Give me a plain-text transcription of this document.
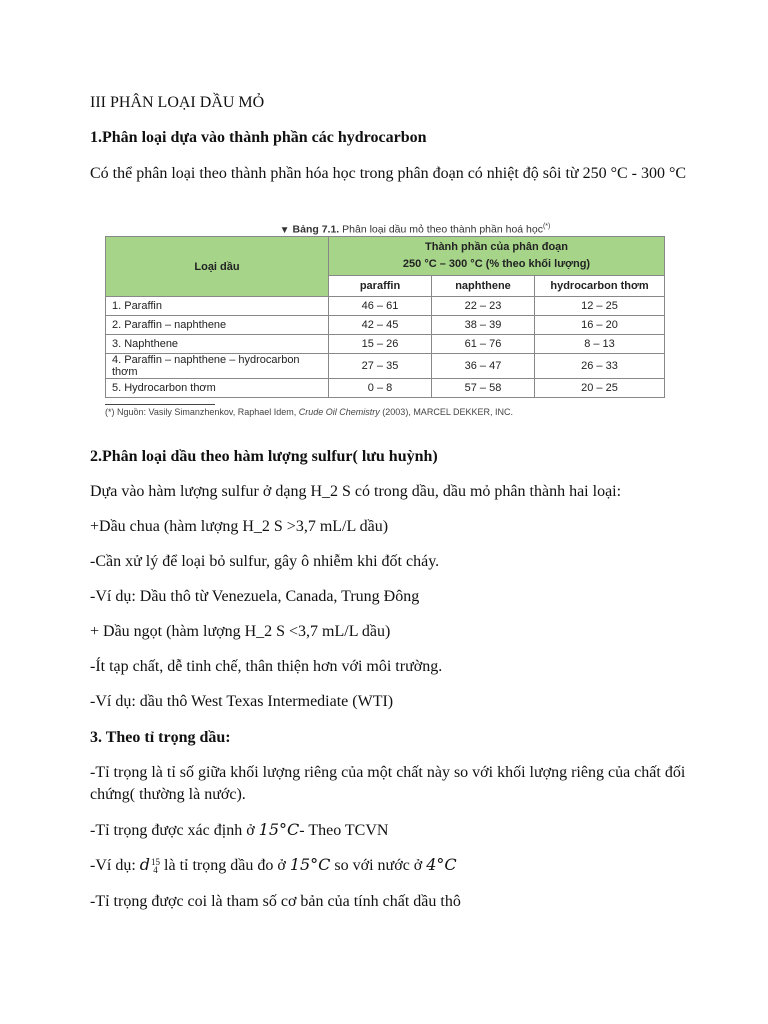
III PHÂN LOẠI DẦU MỎ

1.Phân loại dựa vào thành phần các hydrocarbon

Có thể phân loại theo thành phần hóa học trong phân đoạn có nhiệt độ sôi từ 250 °C - 300 °C

▼ Bảng 7.1. Phân loại dầu mỏ theo thành phần hoá học(*)
Loại dầu	Thành phần của phân đoạn
250 °C – 300 °C (% theo khối lượng)		
	paraffin	naphthene	hydrocarbon thơm
1. Paraffin	46 – 61	22 – 23	12 – 25
2. Paraffin – naphthene	42 – 45	38 – 39	16 – 20
3. Naphthene	15 – 26	61 – 76	8 – 13
4. Paraffin – naphthene – hydrocarbon thơm	27 – 35	36 – 47	26 – 33
5. Hydrocarbon thơm	0 – 8	57 – 58	20 – 25
(*) Nguồn: Vasily Simanzhenkov, Raphael Idem, Crude Oil Chemistry (2003), MARCEL DEKKER, INC.

2.Phân loại dầu theo hàm lượng sulfur( lưu huỳnh)

Dựa vào hàm lượng sulfur ở dạng H_2 S có trong dầu, dầu mỏ phân thành hai loại:

+Dầu chua (hàm lượng H_2 S >3,7 mL/L dầu)

-Cần xử lý để loại bỏ sulfur, gây ô nhiễm khi đốt cháy.

-Ví dụ: Dầu thô từ Venezuela, Canada, Trung Đông

+ Dầu ngọt (hàm lượng H_2 S <3,7 mL/L dầu)

-Ít tạp chất, dễ tinh chế, thân thiện hơn với môi trường.

-Ví dụ: dầu thô West Texas Intermediate (WTI)

3. Theo tỉ trọng dầu:

-Tỉ trọng là tỉ số giữa khối lượng riêng của một chất này so với khối lượng riêng của chất đối chứng( thường là nước).

-Tỉ trọng được xác định ở 15°C- Theo TCVN

-Ví dụ: d15
4 là tỉ trọng dầu đo ở 15°C so với nước ở 4°C

-Tỉ trọng được coi là tham số cơ bản của tính chất dầu thô
